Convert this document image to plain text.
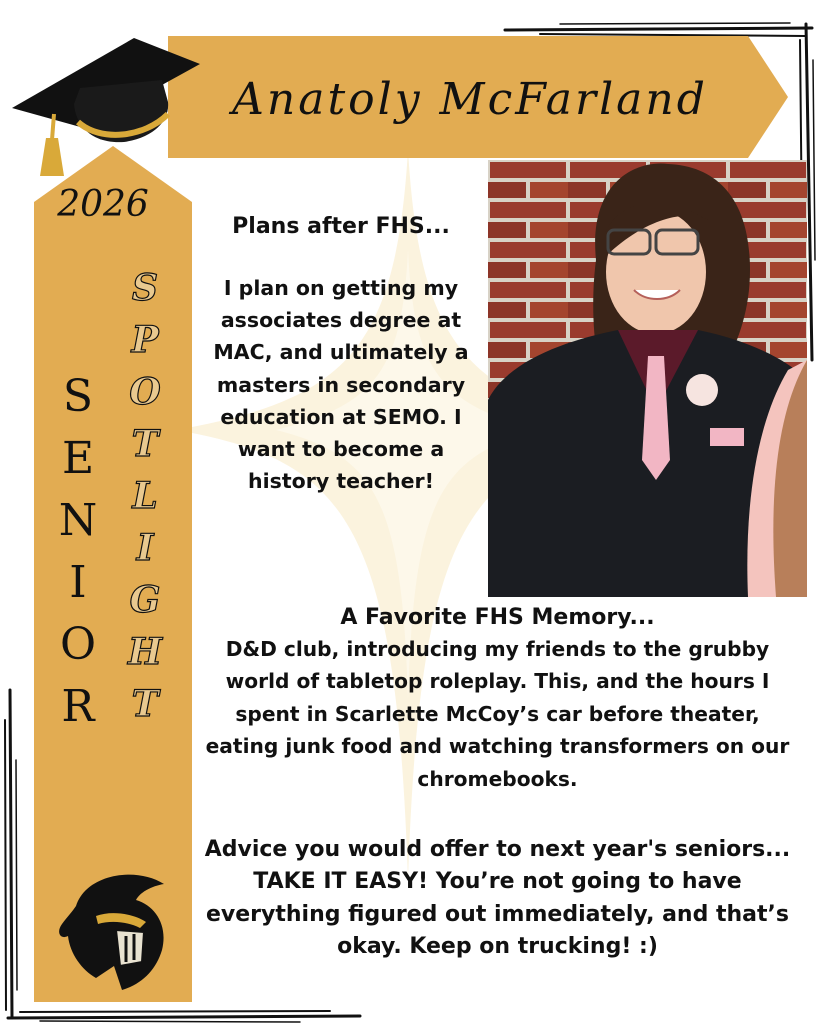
Anatoly McFarland
2026
S
E
N
I
O
R
S
P
O
T
L
I
G
H
T
Plans after FHS...
I plan on getting my associates degree at MAC, and ultimately a masters in secondary education at SEMO. I want to become a history teacher!
A Favorite FHS Memory...
D&D club, introducing my friends to the grubby world of tabletop roleplay. This, and the hours I spent in Scarlette McCoy’s car before theater, eating junk food and watching transformers on our chromebooks.
Advice you would offer to next year's seniors...
TAKE IT EASY! You’re not going to have everything figured out immediately, and that’s okay. Keep on trucking! :)
